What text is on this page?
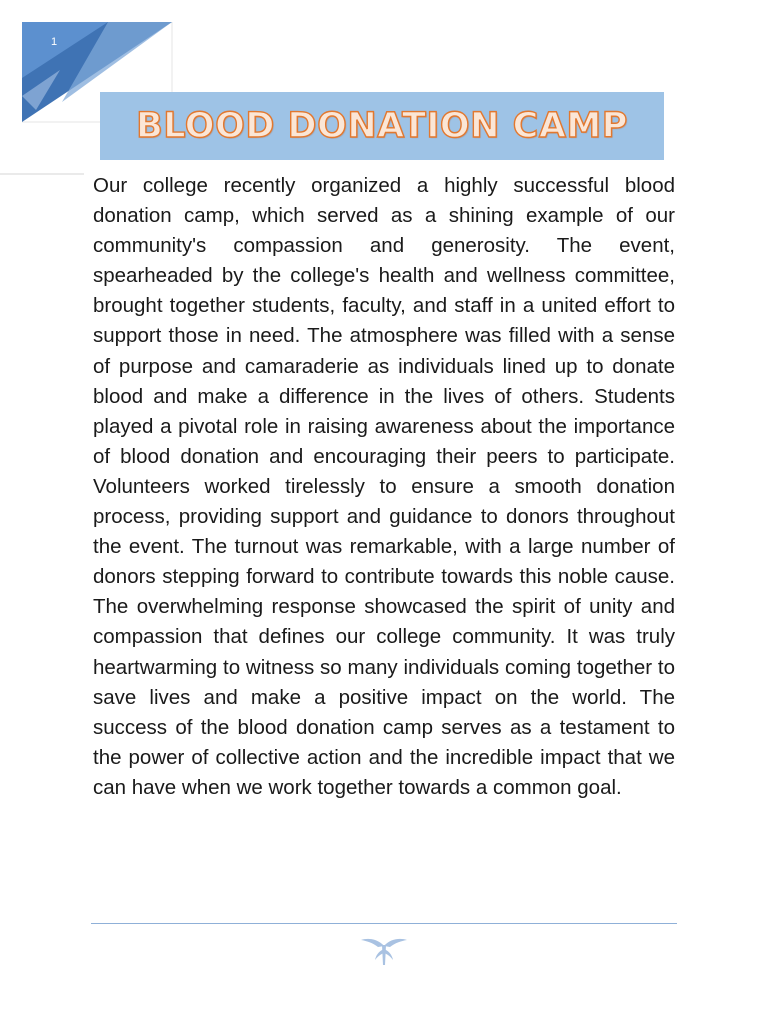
1
BLOOD DONATION CAMP

Our college recently organized a highly successful blood donation camp, which served as a shining example of our community's compassion and generosity. The event, spearheaded by the college's health and wellness committee, brought together students, faculty, and staff in a united effort to support those in need. The atmosphere was filled with a sense of purpose and camaraderie as individuals lined up to donate blood and make a difference in the lives of others. Students played a pivotal role in raising awareness about the importance of blood donation and encouraging their peers to participate. Volunteers worked tirelessly to ensure a smooth donation process, providing support and guidance to donors throughout the event. The turnout was remarkable, with a large number of donors stepping forward to contribute towards this noble cause. The overwhelming response showcased the spirit of unity and compassion that defines our college community. It was truly heartwarming to witness so many individuals coming together to save lives and make a positive impact on the world. The success of the blood donation camp serves as a testament to the power of collective action and the incredible impact that we can have when we work together towards a common goal.
